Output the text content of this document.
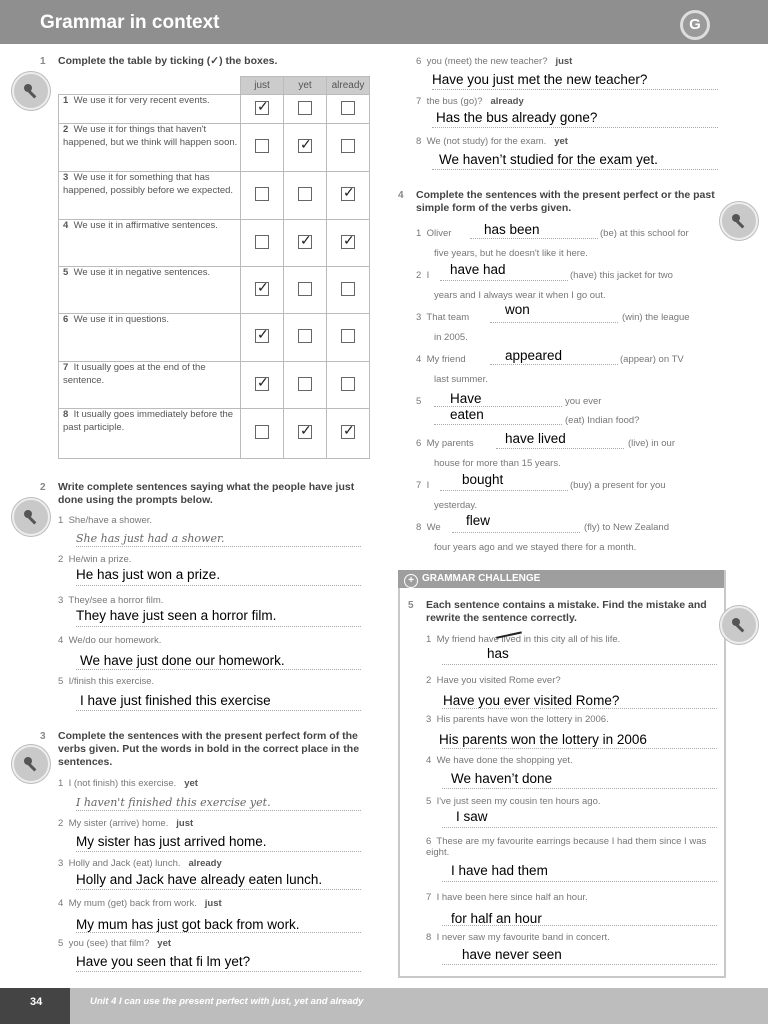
Grammar in context	G
1 Complete the table by ticking (✓) the boxes.
	just	yet	already
1 We use it for very recent events.	✓		

2 We use it for things that haven't happened, but we think will happen soon.		✓	

3 We use it for something that has happened, possibly before we expected.			✓

4 We use it in affirmative sentences.		✓	✓

5 We use it in negative sentences.	✓		

6 We use it in questions.	✓		

7 It usually goes at the end of the sentence.	✓		

8 It usually goes immediately before the past participle.		✓	✓
2 Write complete sentences saying what the people have just done using the prompts below.
1 She/have a shower.
She has just had a shower.
2 He/win a prize.
He has just won a prize.
3 They/see a horror film.
They have just seen a horror film.
4 We/do our homework.
We have just done our homework.
5 I/finish this exercise.
I have just finished this exercise
3 Complete the sentences with the present perfect form of the verbs given. Put the words in bold in the correct place in the sentences.
1 I (not finish) this exercise. yet
I haven't finished this exercise yet.
2 My sister (arrive) home. just
My sister has just arrived home.
3 Holly and Jack (eat) lunch. already
Holly and Jack have already eaten lunch.
4 My mum (get) back from work. just
My mum has just got back from work.
5 you (see) that film? yet
Have you seen that fi lm yet?
6 you (meet) the new teacher? just
Have you just met the new teacher?
7 the bus (go)? already
Has the bus already gone?
8 We (not study) for the exam. yet
We haven’t studied for the exam yet.
4 Complete the sentences with the present perfect or the past simple form of the verbs given.
1 Oliver has been	(be) at this school for
five years, but he doesn't like it here.
2 I have had	(have) this jacket for two
years and I always wear it when I go out.
3 That team
won
(win) the league
in 2005.
4 My friend	appeared	(appear) on TV
last summer.
5 Have	you ever
eaten	(eat) Indian food?
6 My parents have lived	(live) in our
house for more than 15 years.
7 I bought	(buy) a present for you
yesterday.
8 We flew	(fly) to New Zealand
four years ago and we stayed there for a month.
+ GRAMMAR CHALLENGE
5 Each sentence contains a mistake. Find the mistake and rewrite the sentence correctly.
1 My friend have lived in this city all of his life.
has
2 Have you visited Rome ever?
Have you ever visited Rome?
3 His parents have won the lottery in 2006.
His parents won the lottery in 2006
4 We have done the shopping yet.
We haven’t done
5 I've just seen my cousin ten hours ago.
I saw
6 These are my favourite earrings because I had them since I was eight.
I have had them
7 I have been here since half an hour.
for half an hour
8 I never saw my favourite band in concert.
have never seen
34	Unit 4 I can use the present perfect with just, yet and already
